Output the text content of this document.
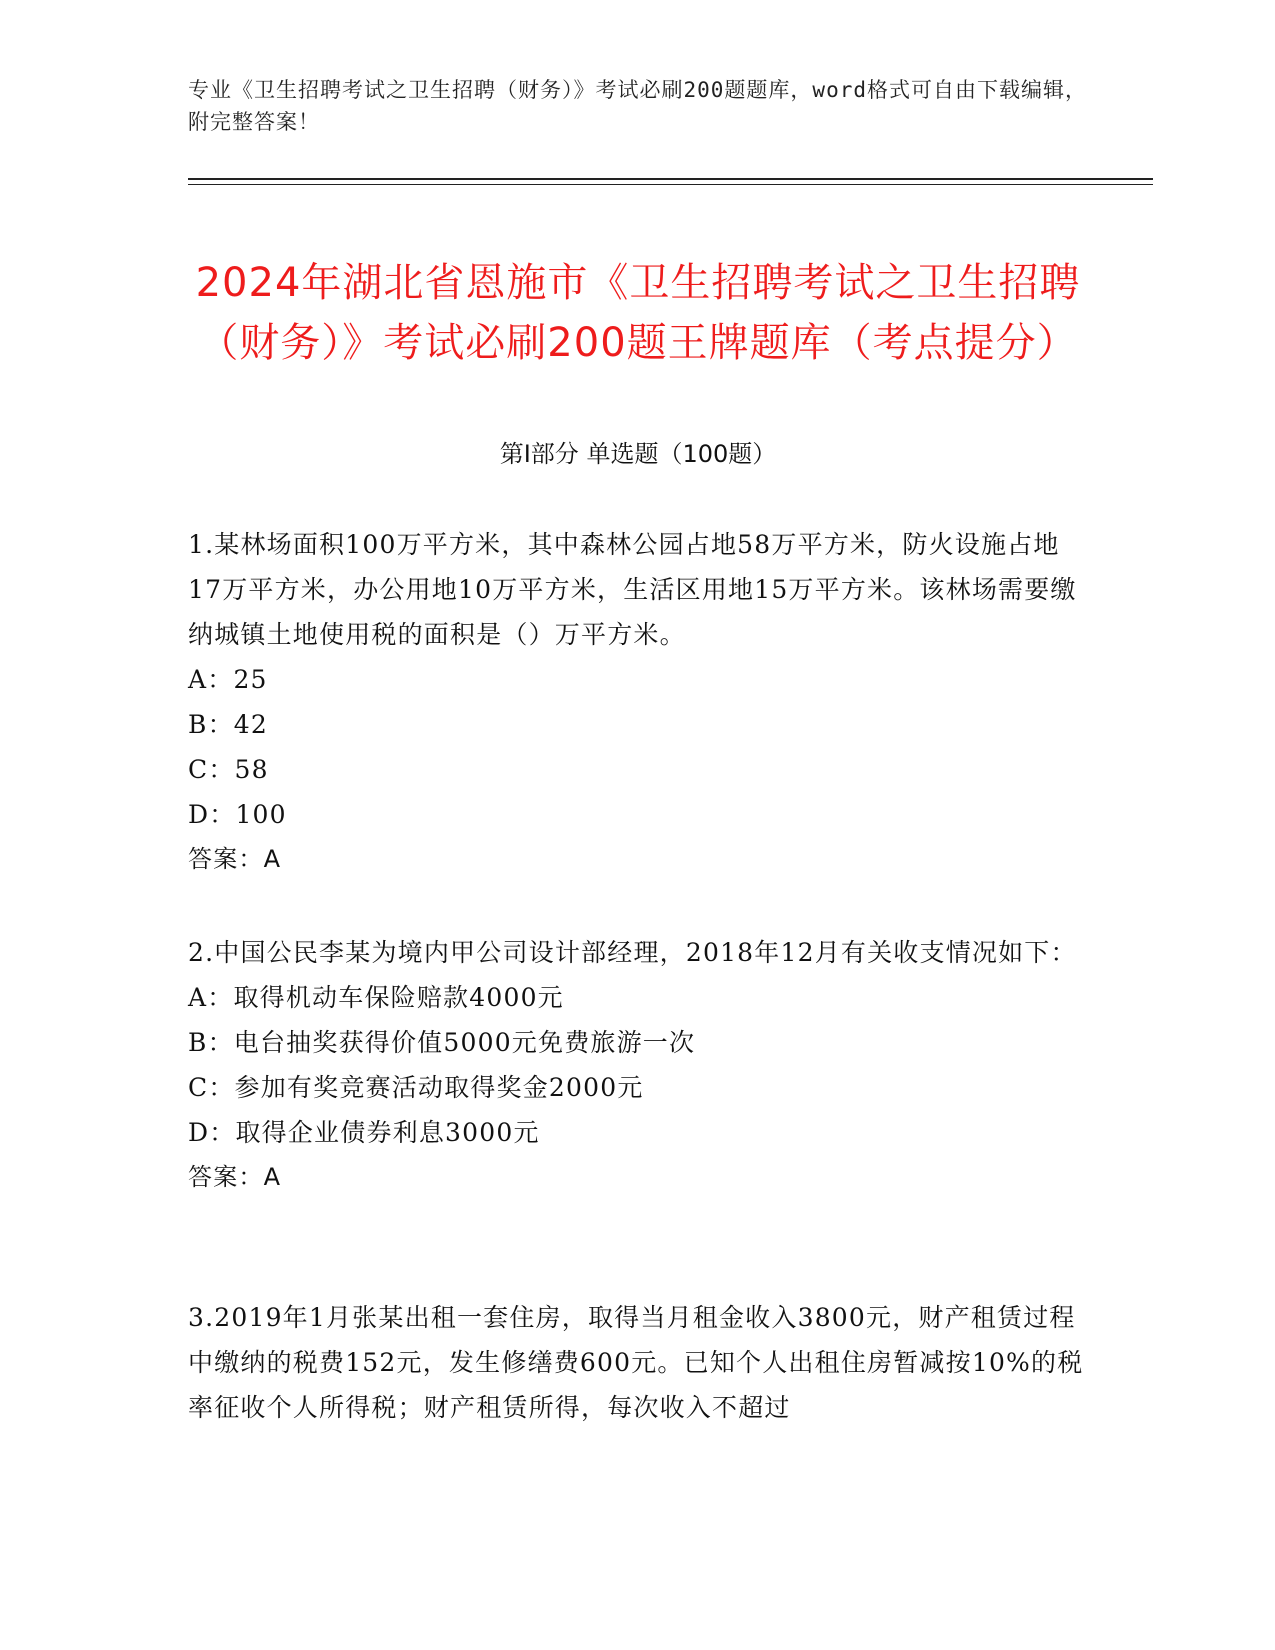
专业《卫生招聘考试之卫生招聘（财务）》考试必刷200题题库，word格式可自由下载编辑，附完整答案！
2024年湖北省恩施市《卫生招聘考试之卫生招聘（财务）》考试必刷200题王牌题库（考点提分）
第I部分 单选题（100题）
1.某林场面积100万平方米，其中森林公园占地58万平方米，防火设施占地17万平方米，办公用地10万平方米，生活区用地15万平方米。该林场需要缴纳城镇土地使用税的面积是（）万平方米。
A：25
B：42
C：58
D：100
答案：A
2.中国公民李某为境内甲公司设计部经理，2018年12月有关收支情况如下：
A：取得机动车保险赔款4000元
B：电台抽奖获得价值5000元免费旅游一次
C：参加有奖竞赛活动取得奖金2000元
D：取得企业债券利息3000元
答案：A
3.2019年1月张某出租一套住房，取得当月租金收入3800元，财产租赁过程中缴纳的税费152元，发生修缮费600元。已知个人出租住房暂减按10%的税率征收个人所得税；财产租赁所得，每次收入不超过
